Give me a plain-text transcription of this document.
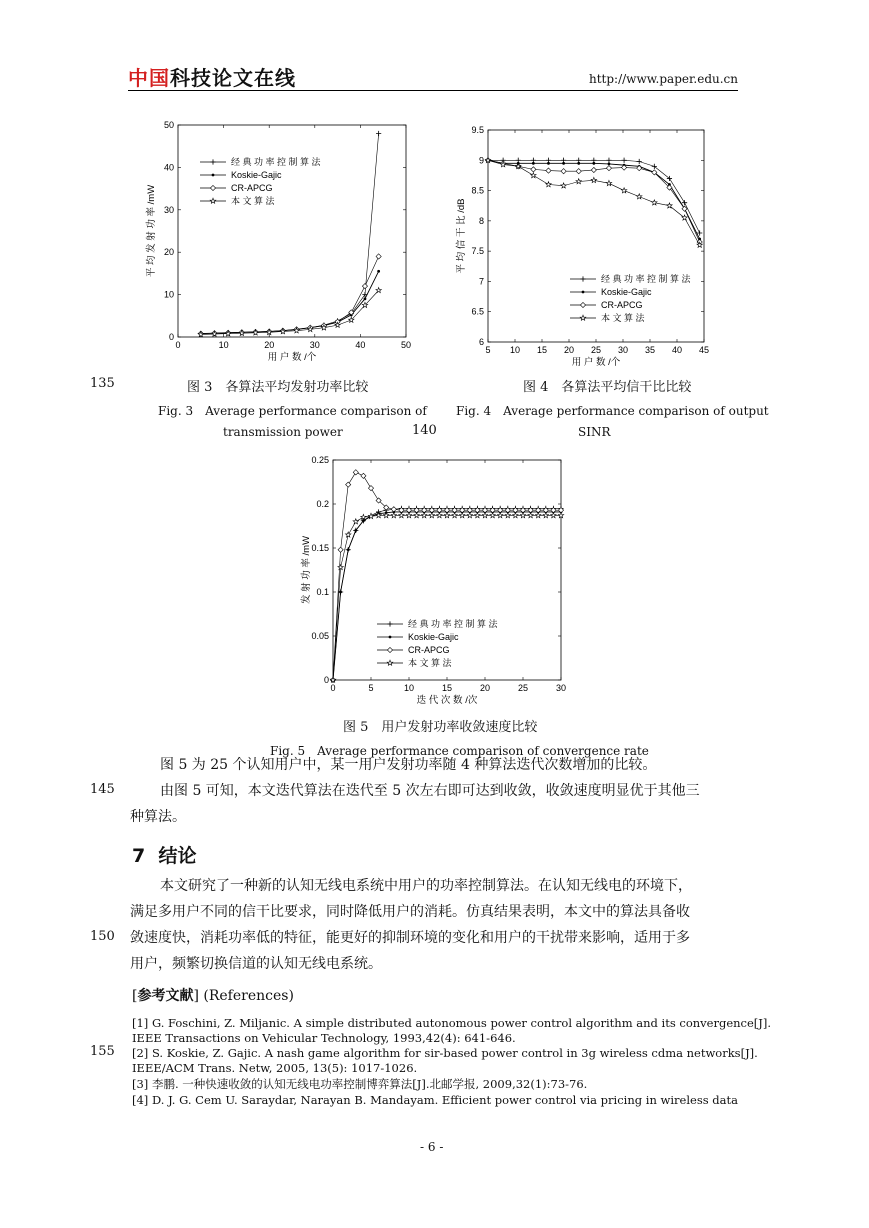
中国科技论文在线	http://www.paper.edu.cn
0	10	20	30	40	50
0
10
20
30
40
50
平 均 发 射 功 率 /mW
用 户 数 /个
经 典 功 率 控 制 算 法
Koskie-Gajic
CR-APCG
本 文 算 法
5 10 15 20 25 30 35 40 45
6
6.5
7
7.5
8
8.5
9
9.5
平 均 信 干 比 /dB
用 户 数 /个
经 典 功 率 控 制 算 法
Koskie-Gajic
CR-APCG
本 文 算 法
0	5	10	15	20	25	30
0
0.05
0.1
0.15
0.2
0.25
发 射 功 率 /mW
迭 代 次 数 /次
经 典 功 率 控 制 算 法
Koskie-Gajic
CR-APCG
本 文 算 法
135	图 3　各算法平均发射功率比较	图 4　各算法平均信干比比较
Fig. 3　Average performance comparison of
transmission power	140
Fig. 4　Average performance comparison of output
SINR
图 5　用户发射功率收敛速度比较
Fig. 5　Average performance comparison of convergence rate
图 5 为 25 个认知用户中，某一用户发射功率随 4 种算法迭代次数增加的比较。
145	由图 5 可知，本文迭代算法在迭代至 5 次左右即可达到收敛，收敛速度明显优于其他三
种算法。
7 结论
本文研究了一种新的认知无线电系统中用户的功率控制算法。在认知无线电的环境下，
满足多用户不同的信干比要求，同时降低用户的消耗。仿真结果表明，本文中的算法具备收
150 敛速度快，消耗功率低的特征，能更好的抑制环境的变化和用户的干扰带来影响，适用于多
用户，频繁切换信道的认知无线电系统。
[参考文献] (References)
[1] G. Foschini, Z. Miljanic. A simple distributed autonomous power control algorithm and its convergence[J].
IEEE Transactions on Vehicular Technology, 1993,42(4): 641-646.
155 [2] S. Koskie, Z. Gajic. A nash game algorithm for sir-based power control in 3g wireless cdma networks[J].
IEEE/ACM Trans. Netw, 2005, 13(5): 1017-1026.
[3] 李鹏. 一种快速收敛的认知无线电功率控制博弈算法[J].北邮学报, 2009,32(1):73-76.
[4] D. J. G. Cem U. Saraydar, Narayan B. Mandayam. Efficient power control via pricing in wireless data
- 6 -
